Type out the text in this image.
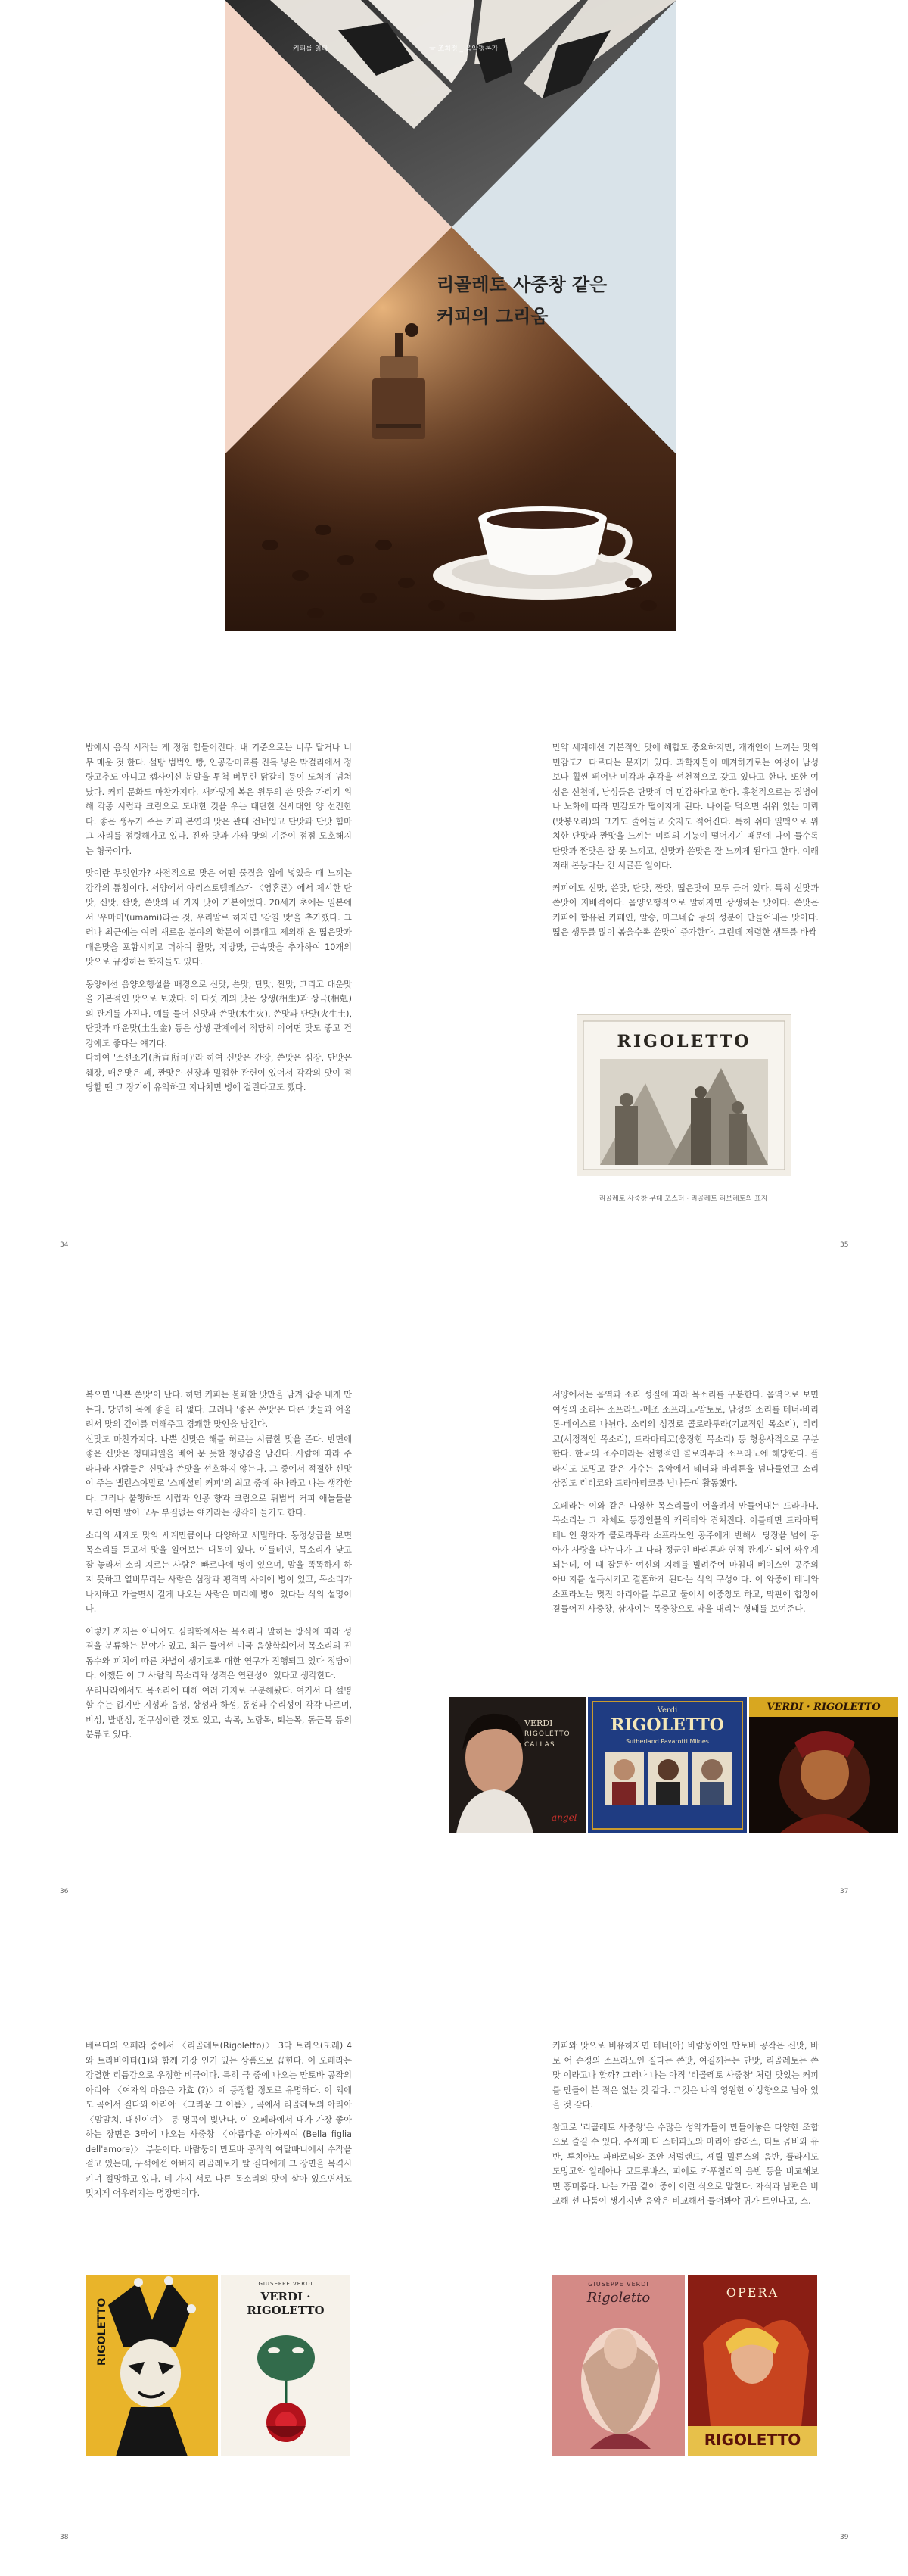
커피를 읽다	글 조희정 _ 음악평론가
리골레토 사중창 같은
커피의 그리움

밥에서 음식 시작는 게 정점 힘들어진다. 내 기준으로는 너무 달거나 너무 매운 것 한다. 설탕 범벅인 빵, 인공감미료를 진득 넣은 막걸리에서 정량고추도 아니고 캡사이신 분말을 투척 버무린 닭갈비 등이 도처에 넘쳐났다. 커피 문화도 마찬가지다. 새카맣게 볶은 원두의 쓴 맛을 가리기 위해 각종 시럽과 크림으로 도배한 것을 우는 대단한 신세대인 양 선전한다. 좋은 생두가 주는 커피 본연의 맛은 관대 건네입고 단맛과 단맛 힘마그 자리를 점령해가고 있다. 진짜 맛과 가짜 맛의 기준이 점점 모호해지는 형국이다.

맛이란 무엇인가? 사전적으로 맛은 어떤 물질을 입에 넣었을 때 느끼는 감각의 통칭이다. 서양에서 아리스토텔레스가 〈영혼론〉에서 제시한 단맛, 신맛, 짠맛, 쓴맛의 네 가지 맛이 기본이었다. 20세기 초에는 일본에서 '우마미'(umami)라는 것, 우리말로 하자면 '감칠 맛'을 추가했다. 그러나 최근에는 여러 새로운 분야의 학문이 이를대고 제외해 온 떫은맛과 매운맛을 포함시키고 더하여 촬맛, 지방맛, 금속맛을 추가하여 10개의 맛으로 규정하는 학자들도 있다.

동양에선 음양오행설을 배경으로 신맛, 쓴맛, 단맛, 짠맛, 그리고 매운맛을 기본적인 맛으로 보았다. 이 다섯 개의 맛은 상생(相生)과 상극(相剋)의 관계를 가진다. 예를 들어 신맛과 쓴맛(木生火), 쓴맛과 단맛(火生土), 단맛과 매운맛(土生金) 등은 상생 관계에서 적당히 이어면 맛도 좋고 건강에도 좋다는 얘기다.

다하여 '소선소가(所宣所可)'라 하여 신맛은 간장, 쓴맛은 심장, 단맛은 췌장, 매운맛은 폐, 짠맛은 신장과 밀접한 관련이 있어서 각각의 맛이 적당할 땐 그 장기에 유익하고 지나치면 병에 걸린다고도 했다.

만약 세계에선 기본적인 맛에 해합도 중요하지만, 개개인이 느끼는 맛의 민감도가 다르다는 문제가 있다. 과학자들이 매겨하기로는 여성이 남성보다 훨씬 뛰어난 미각과 후각을 선천적으로 갖고 있다고 한다. 또한 여성은 선천에, 남성들은 단맛에 더 민감하다고 한다. 흥천적으로는 질병이나 노화에 따라 민감도가 떨어지게 된다. 나이를 먹으면 쉬워 있는 미뢰(맛봉오리)의 크기도 줄어들고 숫자도 적어진다. 특히 쉬마 일맥으로 위치한 단맛과 짠맛을 느끼는 미뢰의 기능이 떨어지기 때문에 나이 들수록 단맛과 짠맛은 잘 못 느끼고, 신맛과 쓴맛은 잘 느끼게 된다고 한다. 이래저래 본능다는 건 서글픈 일이다.

커피에도 신맛, 쓴맛, 단맛, 짠맛, 떫은맛이 모두 들어 있다. 특히 신맛과 쓴맛이 지배적이다. 음양오행적으로 말하자면 상생하는 맛이다. 쓴맛은 커피에 함유된 카페인, 알승, 마그네슘 등의 성분이 만들어내는 맛이다. 떫은 생두를 많이 볶을수록 쓴맛이 증가한다. 그런데 저렴한 생두를 바싹

RIGOLETTO
리골레토 사중창 무대 포스터 · 리골레토 리브레토의 표지
34	35

볶으면 '나쁜 쓴맛'이 난다. 하던 커피는 불쾌한 맛만을 남겨 갑증 내게 만든다. 당연히 몸에 좋을 리 없다. 그러나 '좋은 쓴맛'은 다른 맛들과 어울려서 맛의 깊이를 더해주고 경쾌한 맛인을 남긴다.

신맛도 마찬가지다. 나쁜 신맛은 해를 허르는 시큼한 맛을 준다. 반면에 좋은 신맛은 청대과일을 베어 문 듯한 청량감을 남긴다. 사람에 따라 주라나라 사람들은 신맛과 쓴맛을 선호하지 않는다. 그 중에서 적절한 신맛이 주는 밸런스야말로 '스페셜티 커피'의 최고 중에 하나라고 나는 생각한다. 그러나 불행하도 시럽과 인공 향과 크림으로 뒤범벅 커피 애놀들을 보면 어떤 말이 모두 부질없는 얘기라는 생각이 들기도 한다.

소리의 세계도 맛의 세계만큼이나 다양하고 세밀하다. 동정상급을 보면 목소리를 듣고서 맛을 일어보는 대목이 있다. 이를테면, 목소리가 낮고 잘 놓라서 소리 지르는 사람은 빠르다에 병이 있으며, 말을 똑똑하게 하지 못하고 열버무리는 사람은 심장과 횡격막 사이에 병이 있고, 목소리가 나지하고 가늘면서 길게 나오는 사람은 머리에 병이 있다는 식의 설명이다.

이렇게 까지는 아니어도 심리학에서는 목소리나 말하는 방식에 따라 성격을 분류하는 분야가 있고, 최근 들어선 미국 음향학회에서 목소리의 진동수와 피치에 따른 차별이 생기도록 대한 연구가 진행되고 있다 정당이다. 어쨌든 이 그 사람의 목소리와 성격은 연관성이 있다고 생각한다.

우리나라에서도 목소리에 대해 여러 가지로 구분해왔다. 여기서 다 설명할 수는 없지만 지성과 음성, 상성과 하성, 통성과 수리성이 각각 다르며, 비성, 발뱀성, 전구성이란 것도 있고, 속목, 노랑목, 퇴는목, 동근목 등의 분류도 있다.

서양에서는 음역과 소리 성질에 따라 목소리를 구분한다. 음역으로 보면 여성의 소리는 소프라노-메조 소프라노-알토로, 남성의 소리를 테너-바리톤-베이스로 나뉜다. 소리의 성질로 콜로라투라(기교적인 목소리), 리리코(서정적인 목소리), 드라마티코(웅장한 목소리) 등 형용사적으로 구분한다. 한국의 조수미라는 전형적인 콜로라투라 소프라노에 해당한다. 플라시도 도밍고 같은 가수는 음악에서 테너와 바리톤을 넘나들었고 소리 상질도 리리코와 드라마티코를 넘나들며 활동했다.

오페라는 이와 같은 다양한 목소리들이 어울려서 만들어내는 드라마다. 목소리는 그 자체로 등장인물의 캐릭터와 겹쳐진다. 이를테면 드라마틱 테너인 왕자가 콜로라투라 소프라노인 공주에게 반해서 당장을 넘어 동아가 사랑을 나누다가 그 나라 정군인 바리톤과 연적 관계가 되어 싸우게 되는데, 이 때 잘둔한 여신의 지혜를 빌려주어 마침내 베이스인 공주의 아버지를 설득시키고 결혼하게 된다는 식의 구성이다. 이 와중에 테너와 소프라노는 멋진 아리아를 부르고 둘이서 이중창도 하고, 막판에 합창이 곁들어진 사중창, 삼자이는 목중창으로 막을 내리는 형태를 보여준다.

VERDI
RIGOLETTO
CALLAS
angel
Verdi
RIGOLETTO
Sutherland Pavarotti Milnes
VERDI · RIGOLETTO
36	37

베르디의 오페라 중에서 〈리골레토(Rigoletto)〉 3막 트리오(또래) 4와 트라비아타(1)와 함께 가장 인기 있는 상품으로 꼽힌다. 이 오페라는 강렬한 리듬감으로 우정한 비극이다. 특히 극 중에 나오는 만토바 공작의 아리아 〈여자의 마음은 가효 (?)〉에 등장할 정도로 유명하다. 이 외에도 곡에서 질다와 아리아 〈그리운 그 이름〉, 곡에서 리골레토의 아리아 〈말말치, 대신이여〉 등 명곡이 빛난다. 이 오페라에서 내가 가장 좋아하는 장면은 3막에 나오는 사중창 〈아름다운 아가씨여 (Bella figlia dell'amore)〉 부분이다. 바람둥이 만토바 공작의 여달빠니에서 수작을 걸고 있는데, 구석에선 아버지 리골레토가 딸 질다에게 그 장면을 목격시키며 절망하고 있다. 네 가지 서로 다른 목소리의 맛이 살아 있으면서도 멋지게 어우러지는 명장면이다.

커피와 맛으로 비유하자면 테너(아) 바람둥이인 만토바 공작은 신맛, 바로 어 순정의 소프라노인 질다는 쓴맛, 여길꺼는는 단맛, 리골레토는 쓴맛 이라고나 할까? 그러나 나는 아직 '리골레토 사중창' 처럼 맛있는 커피를 만들어 본 적은 없는 것 같다. 그것은 나의 영원한 이상향으로 남아 있을 것 같다.

참고로 '리골레토 사중창'은 수많은 성악가들이 만들어놓은 다양한 조합 으로 즐길 수 있다. 주세페 디 스테파노와 마리아 칼라스, 티토 곰비와 유 반, 루치아노 파바로티와 조안 서덜랜드, 셰릴 밀른스의 음반, 플라시도 도밍고와 일레아나 코트루바스, 피에로 카푸칠리의 음반 등을 비교해보면 흥미롭다. 나는 가끔 같이 중에 이런 식으로 말한다. 자식과 남편은 비교해 선 다툼이 생기지만 음악은 비교해서 들어봐야 귀가 트인다고, 스.

RIGOLETTO
GIUSEPPE VERDI
VERDI · RIGOLETTO
GIUSEPPE VERDI
Rigoletto	OPERA
RIGOLETTO
38	39
